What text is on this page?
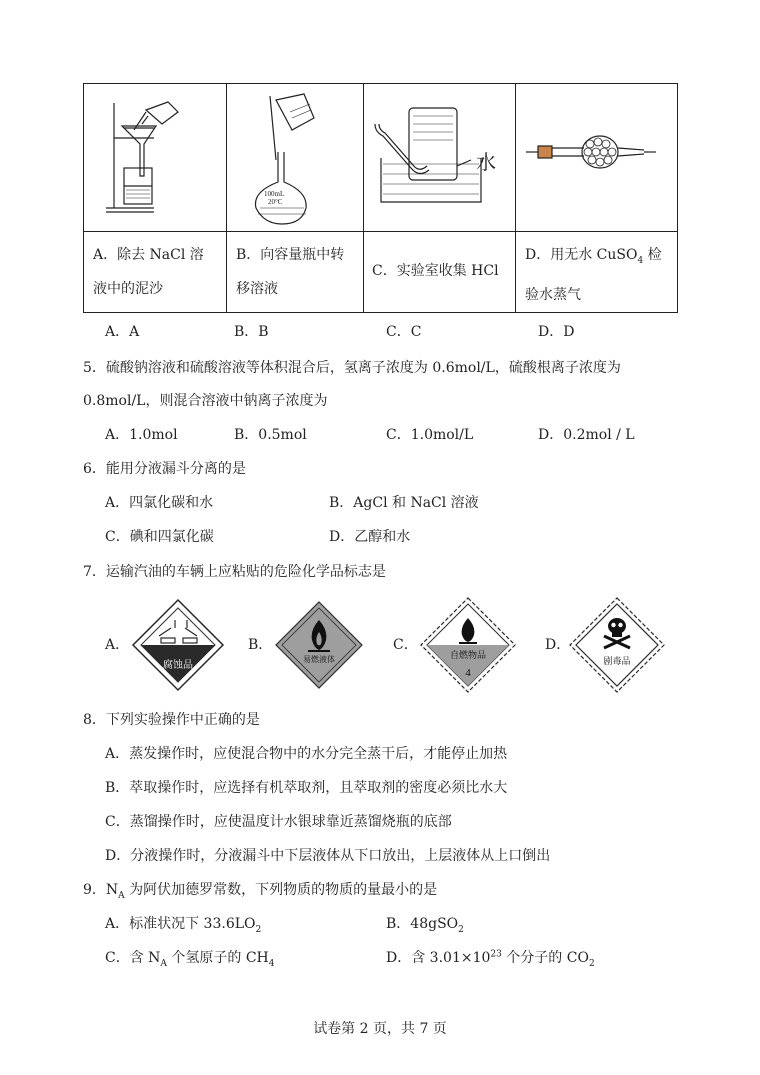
A．除去 NaCl 溶
液中的泥沙
100mL
20°C
B．向容量瓶中转
移溶液
水
C．实验室收集 HCl
D．用无水 CuSO$_4$ 检
验水蒸气
A．A	B．B	C．C	D．D
5．硫酸钠溶液和硫酸溶液等体积混合后，氢离子浓度为 0.6mol/L，硫酸根离子浓度为
0.8mol/L，则混合溶液中钠离子浓度为
A．1.0mol	B．0.5mol	C．1.0mol/L	D．0.2mol / L
6．能用分液漏斗分离的是
A．四氯化碳和水	B．AgCl 和 NaCl 溶液
C．碘和四氯化碳	D．乙醇和水
7．运输汽油的车辆上应粘贴的危险化学品标志是
A．
腐蚀品
B．
易燃液体
C．
自燃物品
4
D．
剧毒品
8．下列实验操作中正确的是
A．蒸发操作时，应使混合物中的水分完全蒸干后，才能停止加热
B．萃取操作时，应选择有机萃取剂，且萃取剂的密度必须比水大
C．蒸馏操作时，应使温度计水银球靠近蒸馏烧瓶的底部
D．分液操作时，分液漏斗中下层液体从下口放出，上层液体从上口倒出
9．$N_A$ 为阿伏加德罗常数，下列物质的物质的量最小的是
A．标准状况下 $33.6LO_2$	B．48gSO$_2$
C．含 $N_A$ 个氢原子的 $CH_4$	D．含 $3.01\times 10^{23}$ 个分子的 $CO_2$
试卷第 2 页，共 7 页
